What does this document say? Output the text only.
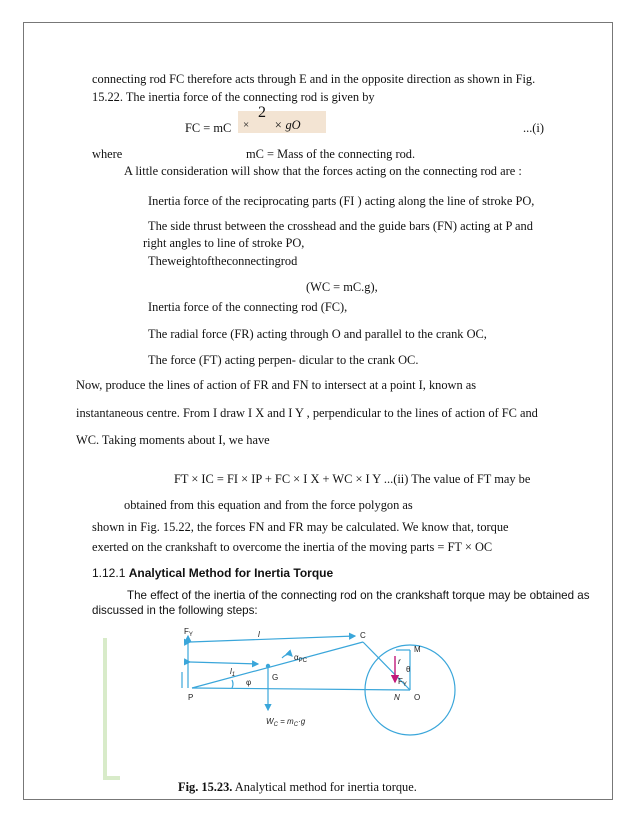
connecting rod FC therefore acts through E and in the opposite direction as shown in Fig.
15.22. The inertia force of the connecting rod is given by
FC = mC ×
2
× gO	...(i)
where	mC = Mass of the connecting rod.
A little consideration will show that the forces acting on the connecting rod are :
Inertia force of the reciprocating parts (FI ) acting along the line of stroke PO,
The side thrust between the crosshead and the guide bars (FN) acting at P and
right angles to line of stroke PO,
Theweightoftheconnectingrod
(WC = mC.g),
Inertia force of the connecting rod (FC),
The radial force (FR) acting through O and parallel to the crank OC,
The force (FT) acting perpen- dicular to the crank OC.
Now, produce the lines of action of FR and FN to intersect at a point I, known as
instantaneous centre. From I draw I X and I Y , perpendicular to the lines of action of FC and
WC. Taking moments about I, we have
FT × IC = FI × IP + FC × I X + WC × I Y ...(ii) The value of FT may be
obtained from this equation and from the force polygon as
shown in Fig. 15.22, the forces FN and FR may be calculated. We know that, torque
exerted on the crankshaft to overcome the inertia of the moving parts = FT × OC
1.12.1 Analytical Method for Inertia Torque
The effect of the inertia of the connecting rod on the crankshaft torque may be obtained as
discussed in the following steps:
$F_Y$	l
$\alpha_{PC}$
C
M
r
θ
$F_Y$
$l_1$	G
φ
P	N O
$W_C = m_C\cdot g$
Fig. 15.23. Analytical method for inertia torque.
